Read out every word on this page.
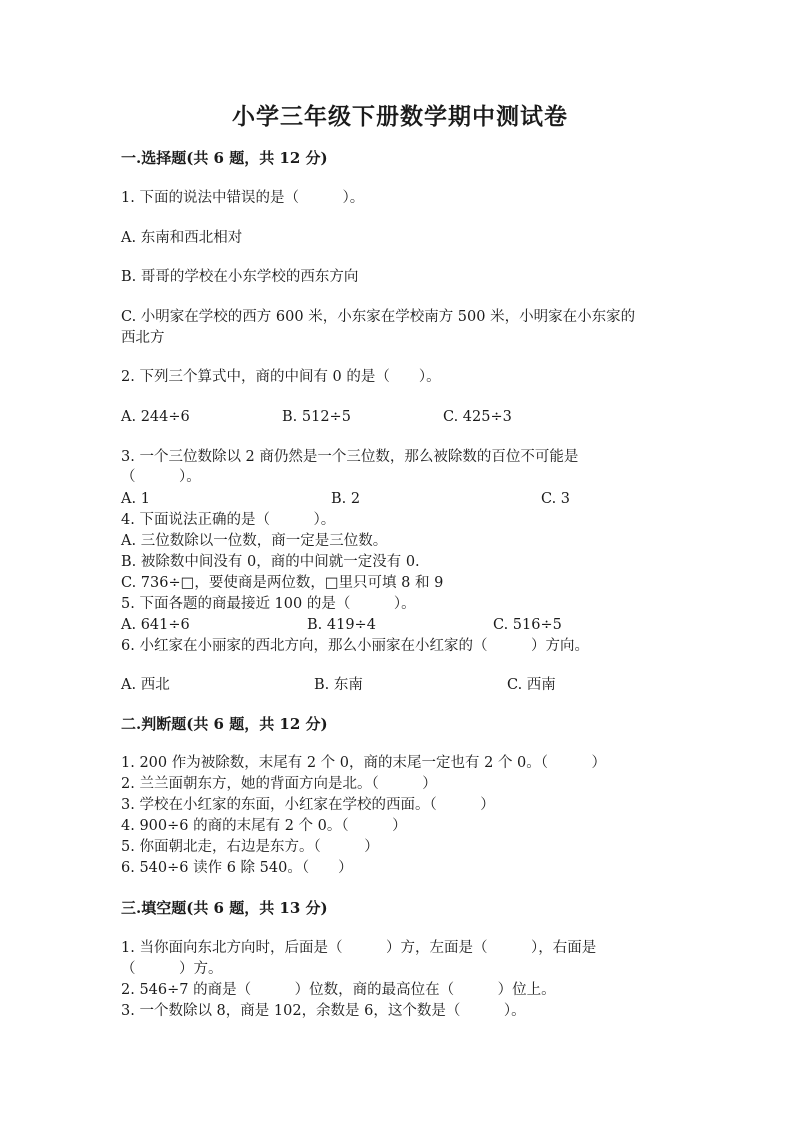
小学三年级下册数学期中测试卷
一.选择题(共 6 题，共 12 分)
1. 下面的说法中错误的是（　　　）。
A. 东南和西北相对
B. 哥哥的学校在小东学校的西东方向
C. 小明家在学校的西方 600 米，小东家在学校南方 500 米，小明家在小东家的
西北方
2. 下列三个算式中，商的中间有 0 的是（　　）。
A. 244÷6	B. 512÷5	C. 425÷3
3. 一个三位数除以 2 商仍然是一个三位数，那么被除数的百位不可能是
（　　　）。
A. 1	B. 2	C. 3
4. 下面说法正确的是（　　　）。
A. 三位数除以一位数，商一定是三位数。
B. 被除数中间没有 0，商的中间就一定没有 0.
C. 736÷□，要使商是两位数，□里只可填 8 和 9
5. 下面各题的商最接近 100 的是（　　　）。
A. 641÷6	B. 419÷4	C. 516÷5
6. 小红家在小丽家的西北方向，那么小丽家在小红家的（　　　）方向。
A. 西北	B. 东南	C. 西南
二.判断题(共 6 题，共 12 分)
1. 200 作为被除数，末尾有 2 个 0，商的末尾一定也有 2 个 0。（　　　）
2. 兰兰面朝东方，她的背面方向是北。（　　　）
3. 学校在小红家的东面，小红家在学校的西面。（　　　）
4. 900÷6 的商的末尾有 2 个 0。（　　　）
5. 你面朝北走，右边是东方。（　　　）
6. 540÷6 读作 6 除 540。（　　）
三.填空题(共 6 题，共 13 分)
1. 当你面向东北方向时，后面是（　　　）方，左面是（　　　），右面是
（　　　）方。
2. 546÷7 的商是（　　　）位数，商的最高位在（　　　）位上。
3. 一个数除以 8，商是 102，余数是 6，这个数是（　　　）。
